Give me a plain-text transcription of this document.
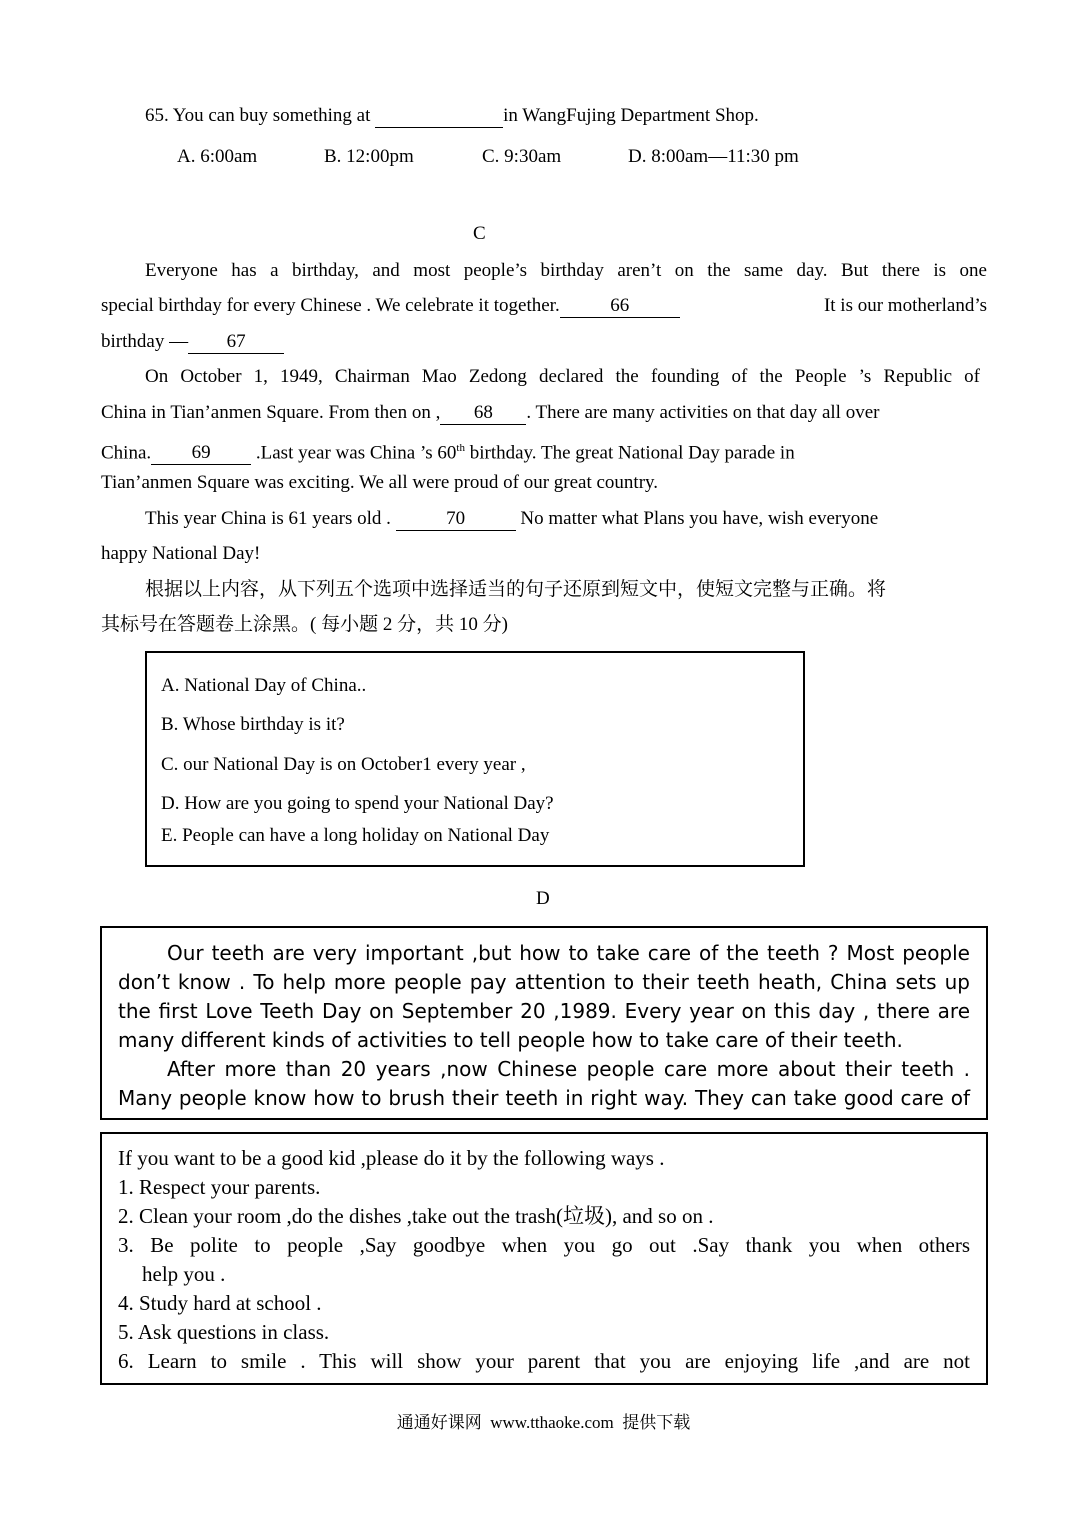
65. You can buy something at	in WangFujing Department Shop.
A. 6:00am	B. 12:00pm	C. 9:30am	D. 8:00am—11:30 pm
C
Everyone has a birthday, and most people’s birthday aren’t on the same day. But there is one
special birthday for every Chinese . We celebrate it together.	66	It is our motherland’s
birthday — 67
On October 1, 1949, Chairman Mao Zedong declared the founding of the People ’s Republic of
China in Tian’anmen Square. From then on , 68 . There are many activities on that day all over
China. 69 .Last year was China ’s 60th birthday. The great National Day parade in
Tian’anmen Square was exciting. We all were proud of our great country.
This year China is 61 years old .	70	No matter what Plans you have, wish everyone
happy National Day!
根据以上内容，从下列五个选项中选择适当的句子还原到短文中，使短文完整与正确。将
其标号在答题卷上涂黑。( 每小题 2 分，共 10 分)
A. National Day of China..
B. Whose birthday is it?
C. our National Day is on October1 every year ,
D. How are you going to spend your National Day?
E. People can have a long holiday on National Day
D
Our teeth are very important ,but how to take care of the teeth ? Most people
don’t know . To help more people pay attention to their teeth heath, China sets up
the first Love Teeth Day on September 20 ,1989. Every year on this day , there are
many different kinds of activities to tell people how to take care of their teeth.
After more than 20 years ,now Chinese people care more about their teeth .
Many people know how to brush their teeth in right way. They can take good care of
If you want to be a good kid ,please do it by the following ways .
1. Respect your parents.
2. Clean your room ,do the dishes ,take out the trash(垃圾), and so on .
3. Be polite to people ,Say goodbye when you go out .Say thank you when others
help you .
4. Study hard at school .
5. Ask questions in class.
6. Learn to smile . This will show your parent that you are enjoying life ,and are not
通通好课网  www.tthaoke.com  提供下载
